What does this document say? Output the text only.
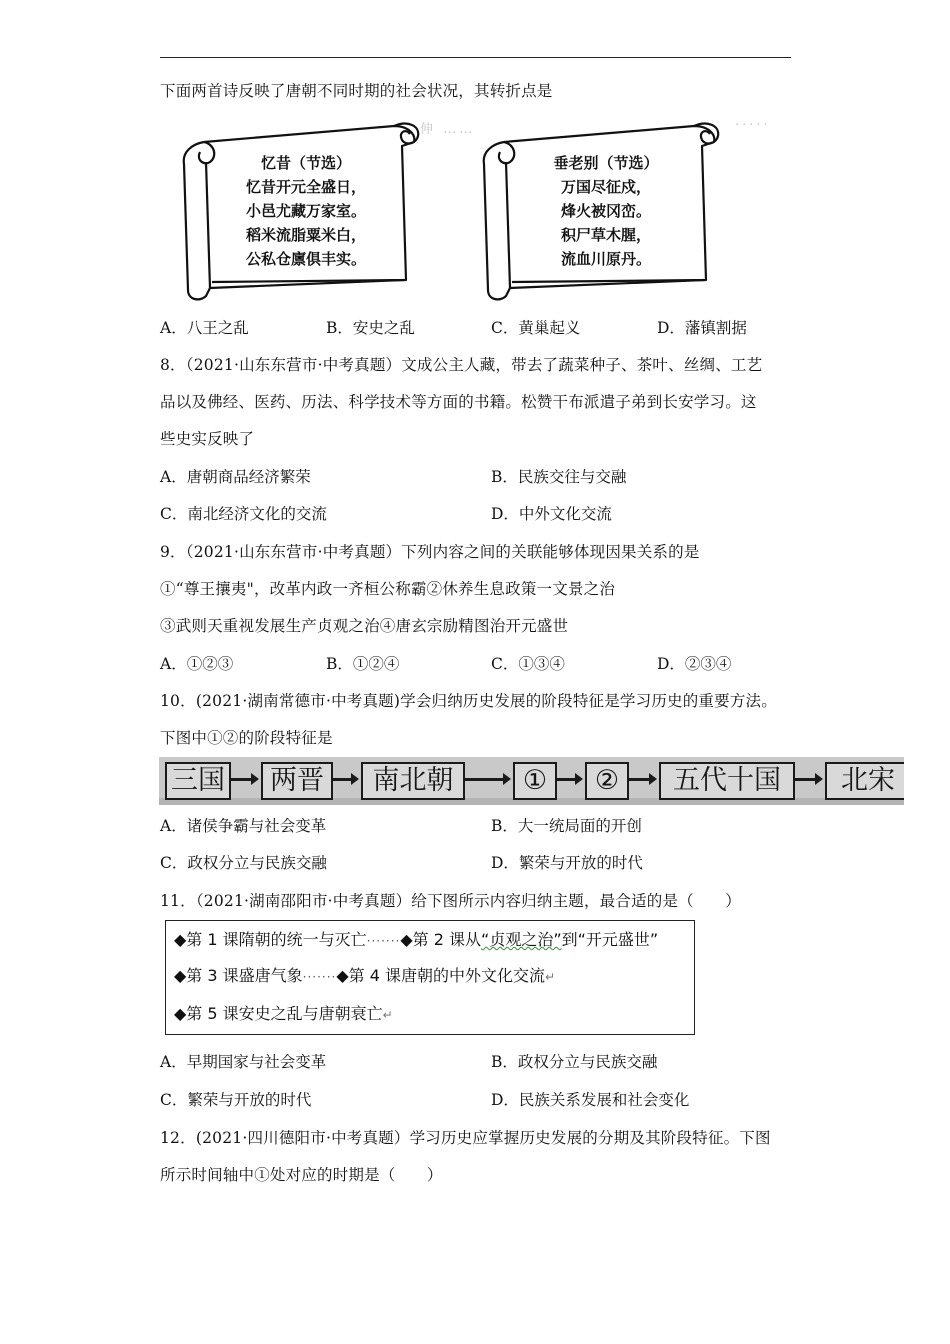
下面两首诗反映了唐朝不同时期的社会状况，其转折点是
伸 ……	·····
忆昔（节选）
忆昔开元全盛日，
小邑尤藏万家室。
稻米流脂粟米白，
公私仓廪俱丰实。
垂老别（节选）
万国尽征戍，
烽火被冈峦。
积尸草木腥，
流血川原丹。
A．八王之乱	B．安史之乱	C．黄巢起义	D．藩镇割据
8．（2021·山东东营市·中考真题）文成公主人藏，带去了蔬菜种子、茶叶、丝绸、工艺
品以及佛经、医药、历法、科学技术等方面的书籍。松赞干布派遣子弟到长安学习。这
些史实反映了
A．唐朝商品经济繁荣	B．民族交往与交融
C．南北经济文化的交流	D．中外文化交流
9．（2021·山东东营市·中考真题）下列内容之间的关联能够体现因果关系的是
①“尊王攘夷"，改革内政一齐桓公称霸②休养生息政策一文景之治
③武则天重视发展生产贞观之治④唐玄宗励精图治开元盛世
A．①②③	B．①②④	C．①③④	D．②③④
10．(2021·湖南常德市·中考真题)学会归纳历史发展的阶段特征是学习历史的重要方法。
下图中①②的阶段特征是
三国	两晋	南北朝	①	②	五代十国	北宋
A．诸侯争霸与社会变革	B．大一统局面的开创
C．政权分立与民族交融	D．繁荣与开放的时代
11．（2021·湖南邵阳市·中考真题）给下图所示内容归纳主题，最合适的是（　　）
◆第 1 课隋朝的统一与灭亡·······◆第 2 课从“贞观之治”到“开元盛世”
◆第 3 课盛唐气象·······◆第 4 课唐朝的中外文化交流↵
◆第 5 课安史之乱与唐朝衰亡↵
A．早期国家与社会变革	B．政权分立与民族交融
C．繁荣与开放的时代	D．民族关系发展和社会变化
12．(2021·四川德阳市·中考真题）学习历史应掌握历史发展的分期及其阶段特征。下图
所示时间轴中①处对应的时期是（　　）
